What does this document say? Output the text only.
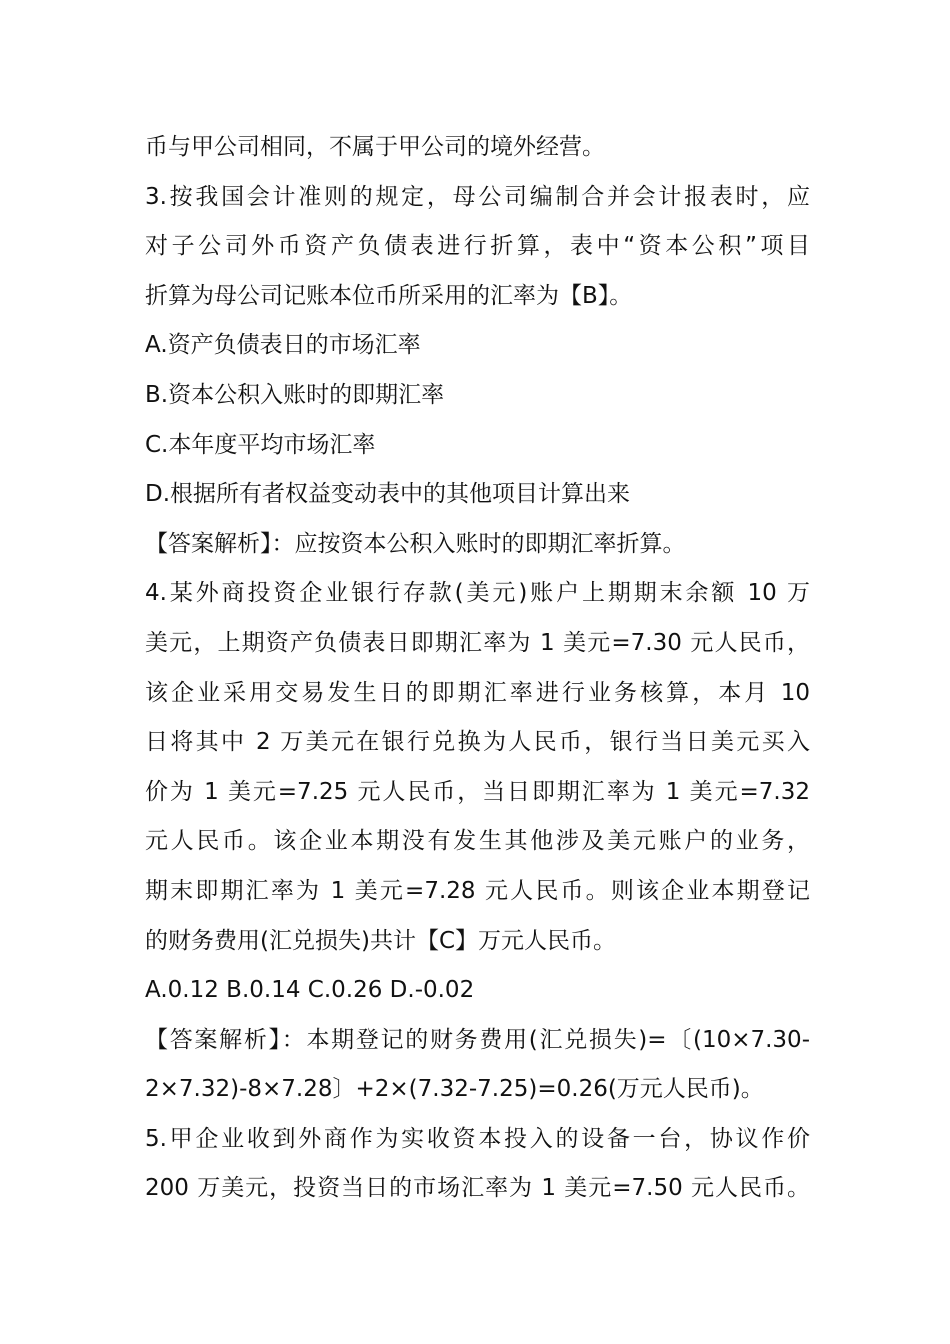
币与甲公司相同，不属于甲公司的境外经营。
3.按我国会计准则的规定，母公司编制合并会计报表时，应
对子公司外币资产负债表进行折算，表中“资本公积”项目
折算为母公司记账本位币所采用的汇率为【B】。
A.资产负债表日的市场汇率
B.资本公积入账时的即期汇率
C.本年度平均市场汇率
D.根据所有者权益变动表中的其他项目计算出来
【答案解析】：应按资本公积入账时的即期汇率折算。
4.某外商投资企业银行存款(美元)账户上期期末余额 10 万
美元，上期资产负债表日即期汇率为 1 美元=7.30 元人民币，
该企业采用交易发生日的即期汇率进行业务核算，本月 10
日将其中 2 万美元在银行兑换为人民币，银行当日美元买入
价为 1 美元=7.25 元人民币，当日即期汇率为 1 美元=7.32
元人民币。该企业本期没有发生其他涉及美元账户的业务，
期末即期汇率为 1 美元=7.28 元人民币。则该企业本期登记
的财务费用(汇兑损失)共计【C】万元人民币。
A.0.12 B.0.14 C.0.26 D.-0.02
【答案解析】：本期登记的财务费用(汇兑损失)=〔(10×7.30-
2×7.32)-8×7.28〕+2×(7.32-7.25)=0.26(万元人民币)。
5.甲企业收到外商作为实收资本投入的设备一台，协议作价
200 万美元，投资当日的市场汇率为 1 美元=7.50 元人民币。
